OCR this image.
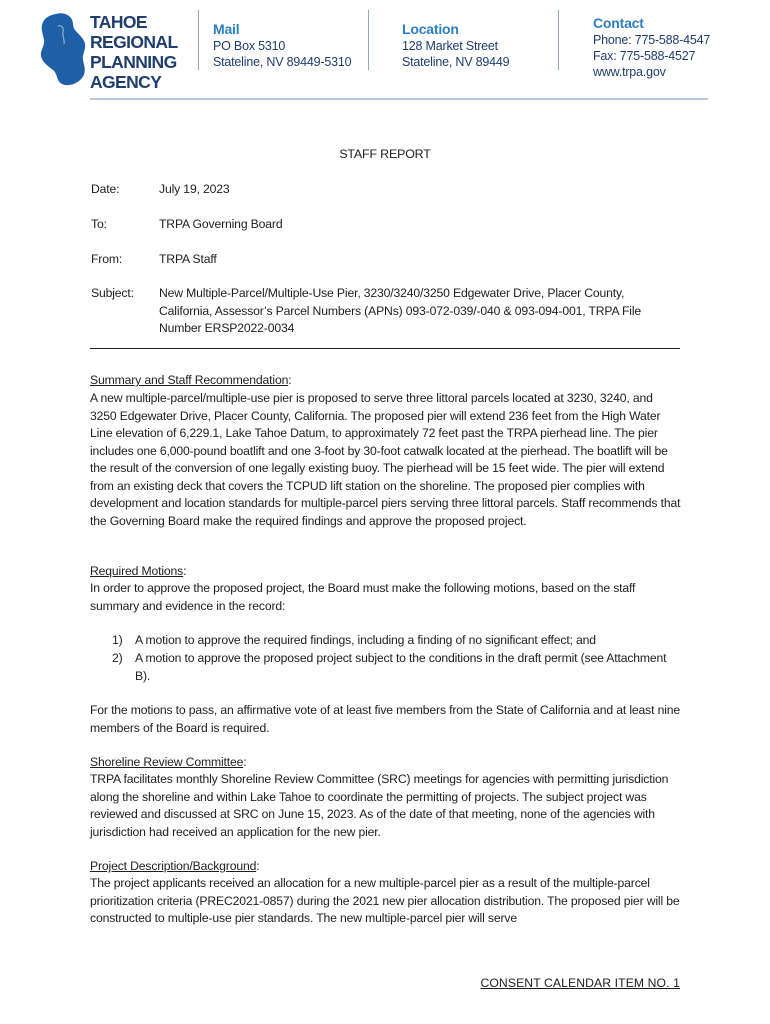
TAHOE
REGIONAL
PLANNING
AGENCY
Mail
PO Box 5310
Stateline, NV 89449-5310
Location
128 Market Street
Stateline, NV 89449
Contact
Phone: 775-588-4547
Fax: 775-588-4527
www.trpa.gov
STAFF REPORT
Date:	July 19, 2023
To:	TRPA Governing Board
From:	TRPA Staff
Subject:	New Multiple-Parcel/Multiple-Use Pier, 3230/3240/3250 Edgewater Drive, Placer County, California, Assessor’s Parcel Numbers (APNs) 093-072-039/-040 & 093-094-001, TRPA File Number ERSP2022-0034
Summary and Staff Recommendation:
A new multiple-parcel/multiple-use pier is proposed to serve three littoral parcels located at 3230, 3240, and 3250 Edgewater Drive, Placer County, California. The proposed pier will extend 236 feet from the High Water Line elevation of 6,229.1, Lake Tahoe Datum, to approximately 72 feet past the TRPA pierhead line. The pier includes one 6,000-pound boatlift and one 3-foot by 30-foot catwalk located at the pierhead. The boatlift will be the result of the conversion of one legally existing buoy. The pierhead will be 15 feet wide. The pier will extend from an existing deck that covers the TCPUD lift station on the shoreline. The proposed pier complies with development and location standards for multiple-parcel piers serving three littoral parcels. Staff recommends that the Governing Board make the required findings and approve the proposed project.
Required Motions:
In order to approve the proposed project, the Board must make the following motions, based on the staff summary and evidence in the record:
1) A motion to approve the required findings, including a finding of no significant effect; and
2) A motion to approve the proposed project subject to the conditions in the draft permit (see Attachment B).
For the motions to pass, an affirmative vote of at least five members from the State of California and at least nine members of the Board is required.
Shoreline Review Committee:
TRPA facilitates monthly Shoreline Review Committee (SRC) meetings for agencies with permitting jurisdiction along the shoreline and within Lake Tahoe to coordinate the permitting of projects. The subject project was reviewed and discussed at SRC on June 15, 2023. As of the date of that meeting, none of the agencies with jurisdiction had received an application for the new pier.
Project Description/Background:
The project applicants received an allocation for a new multiple-parcel pier as a result of the multiple-parcel prioritization criteria (PREC2021-0857) during the 2021 new pier allocation distribution. The proposed pier will be constructed to multiple-use pier standards. The new multiple-parcel pier will serve
CONSENT CALENDAR ITEM NO. 1
